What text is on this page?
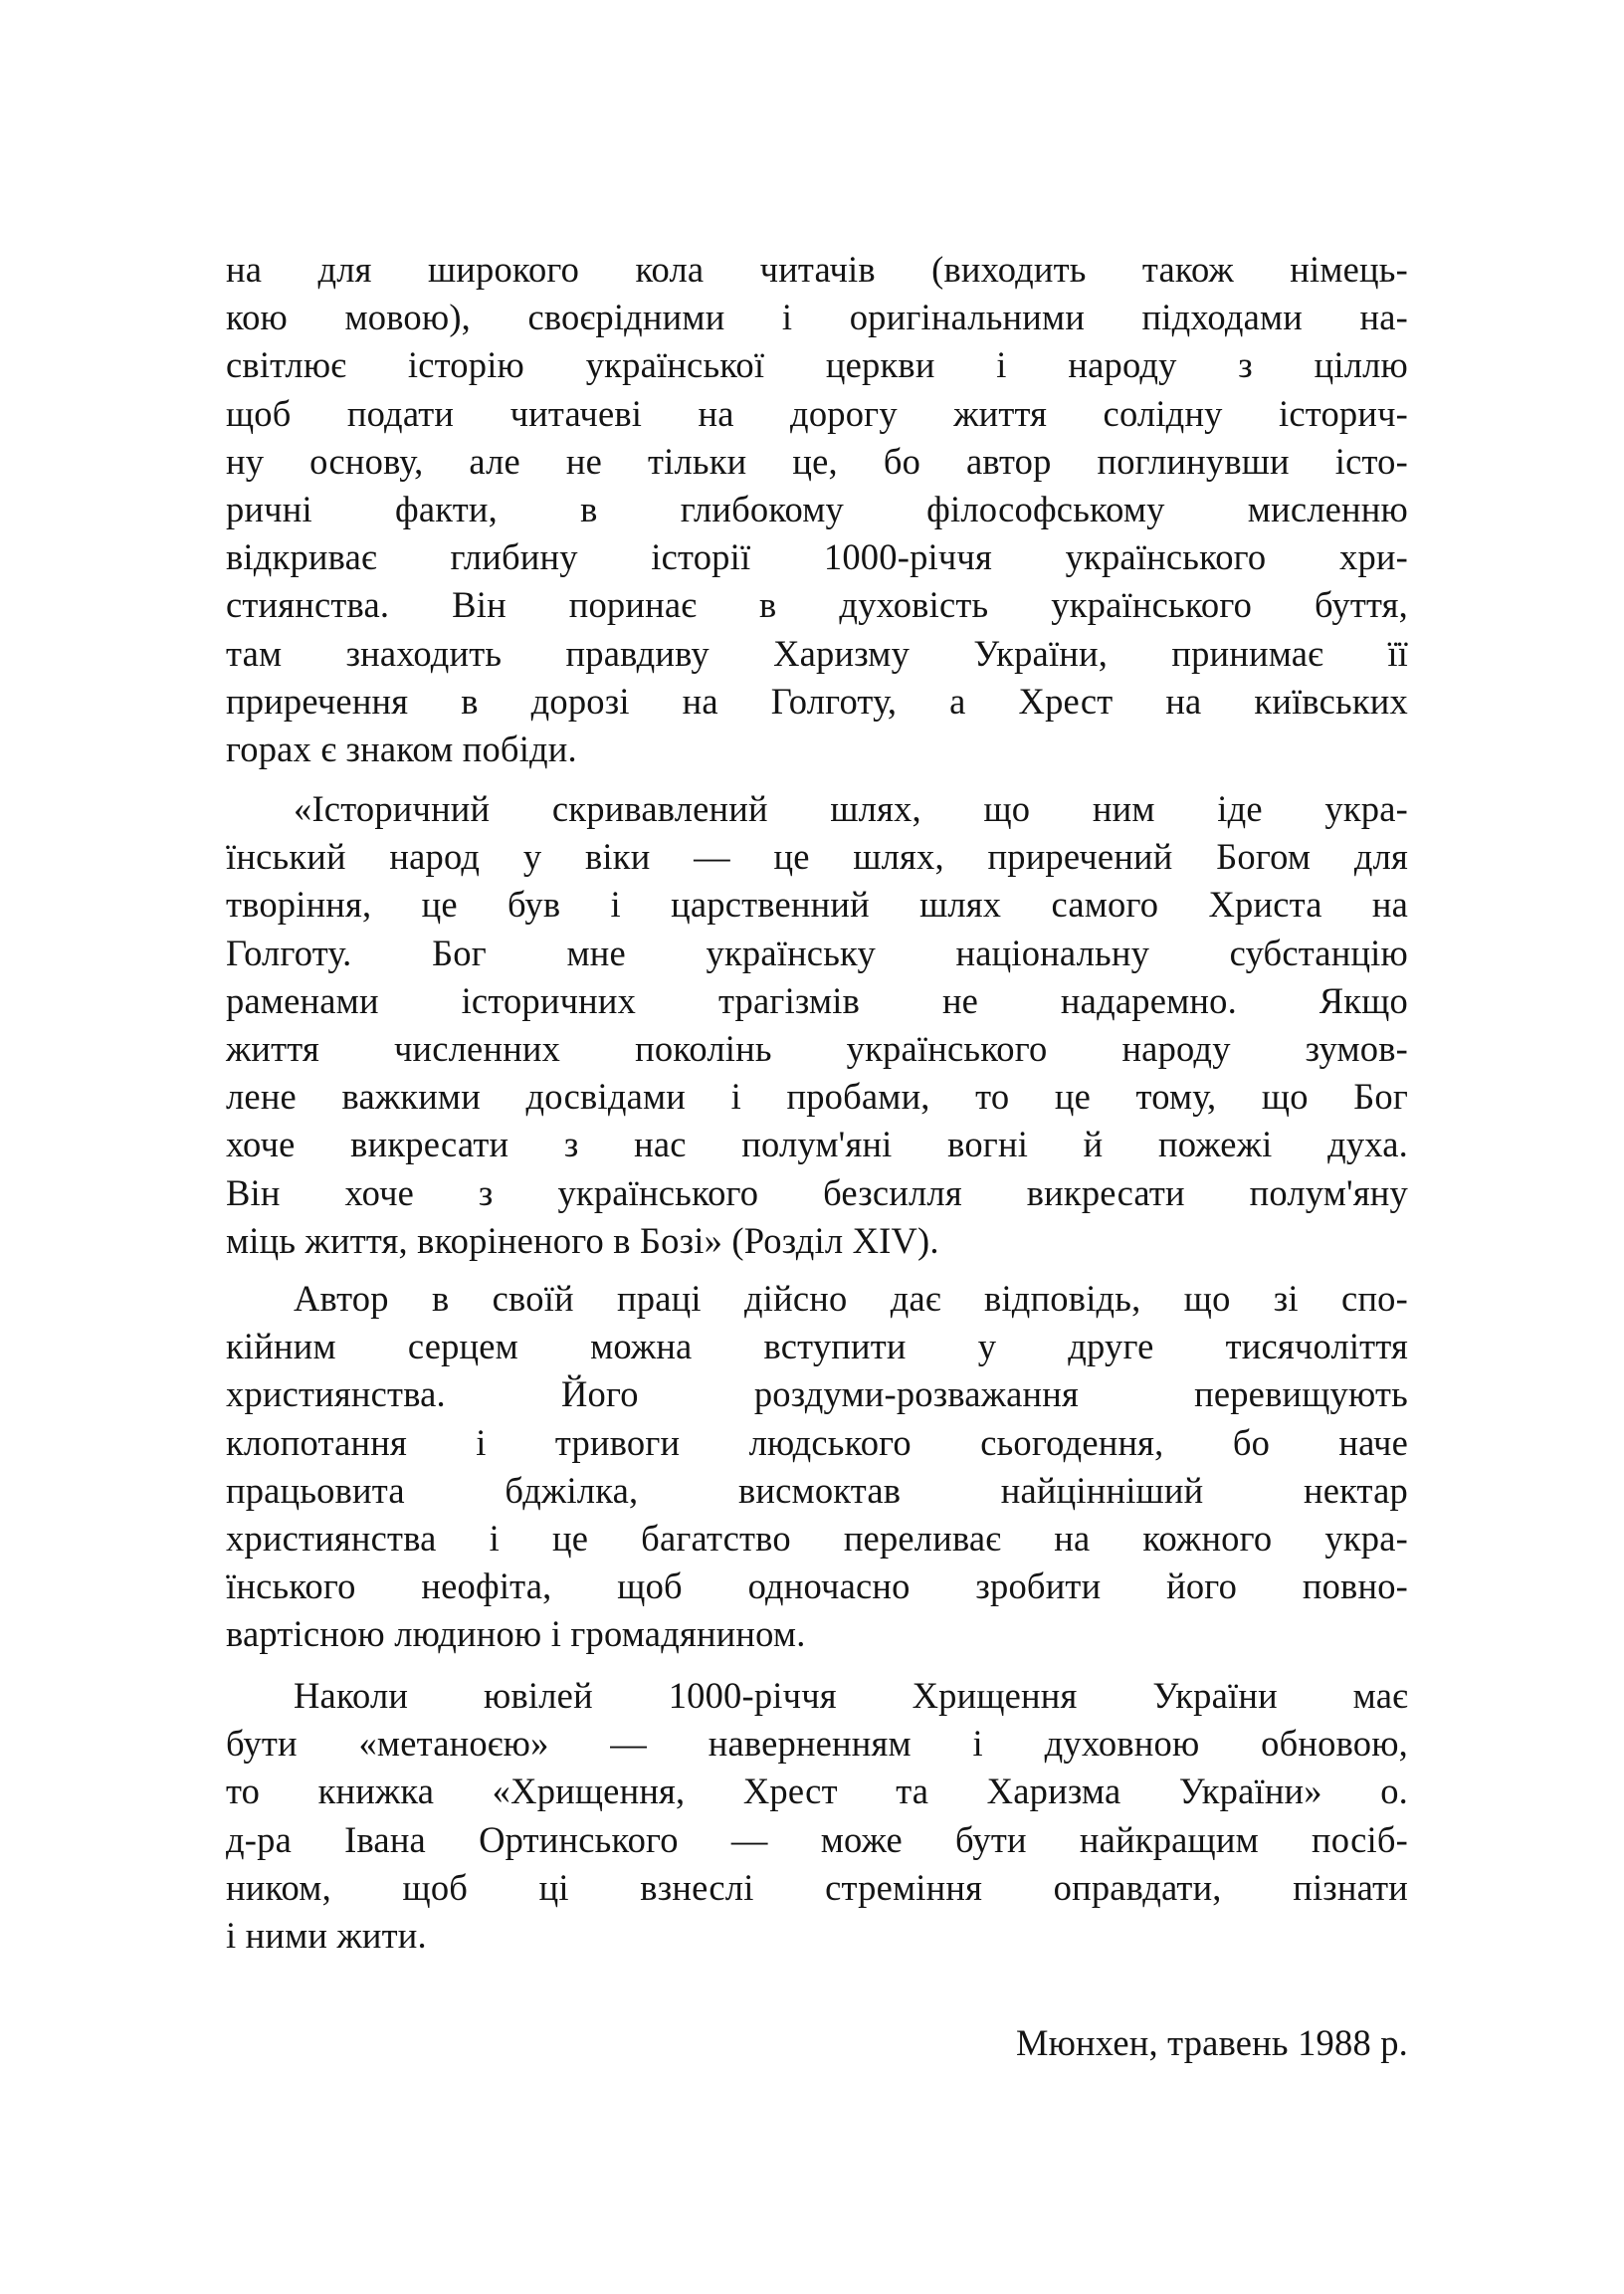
на для широкого кола читачів (виходить також німець-
кою мовою), своєрідними і оригінальними підходами на-
світлює історію української церкви і народу з ціллю
щоб подати читачеві на дорогу життя солідну історич-
ну основу, але не тільки це, бо автор поглинувши істо-
ричні факти, в глибокому філософському мисленню
відкриває глибину історії 1000-річчя українського хри-
стиянства. Він поринає в духовість українського буття,
там знаходить правдиву Харизму України, принимає її
приречення в дорозі на Голготу, а Хрест на київських
горах є знаком побіди.
«Історичний скривавлений шлях, що ним іде укра-
їнський народ у віки — це шлях, приречений Богом для
творіння, це був і царственний шлях самого Христа на
Голготу. Бог мне українську національну субстанцію
раменами історичних трагізмів не надаремно. Якщо
життя численних поколінь українського народу зумов-
лене важкими досвідами і пробами, то це тому, що Бог
хоче викресати з нас полум'яні вогні й пожежі духа.
Він хоче з українського безсилля викресати полум'яну
міць життя, вкоріненого в Бозі» (Розділ XIV).
Автор в своїй праці дійсно дає відповідь, що зі спо-
кійним серцем можна вступити у друге тисячоліття
християнства. Його роздуми-розважання перевищують
клопотання і тривоги людського сьогодення, бо наче
працьовита бджілка, висмоктав найцінніший нектар
християнства і це багатство переливає на кожного укра-
їнського неофіта, щоб одночасно зробити його повно-
вартісною людиною і громадянином.
Наколи ювілей 1000-річчя Хрищення України має
бути «метаноєю» — наверненням і духовною обновою,
то книжка «Хрищення, Хрест та Харизма України» о.
д-ра Івана Ортинського — може бути найкращим посіб-
ником, щоб ці взнеслі стреміння оправдати, пізнати
і ними жити.
Мюнхен, травень 1988 р.
